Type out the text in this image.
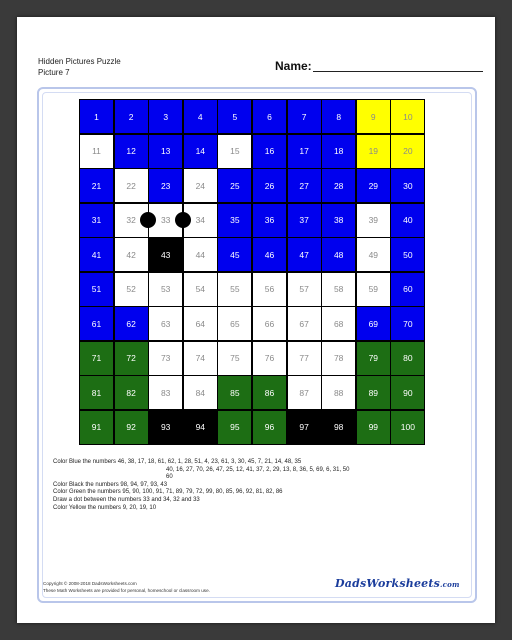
Hidden Pictures Puzzle
Picture 7	Name:
1	2	3	4	5	6	7	8	9	10
11	12	13	14	15	16	17	18	19	20
21	22	23	24	25	26	27	28	29	30
31	32	33	34	35	36	37	38	39	40
41	42	43	44	45	46	47	48	49	50
51	52	53	54	55	56	57	58	59	60
61	62	63	64	65	66	67	68	69	70
71	72	73	74	75	76	77	78	79	80
81	82	83	84	85	86	87	88	89	90
91	92	93	94	95	96	97	98	99	100
Color Blue the numbers 46, 38, 17, 18, 61, 62, 1, 28, 51, 4, 23, 61, 3, 30, 45, 7, 21, 14, 48, 35
40, 16, 27, 70, 26, 47, 25, 12, 41, 37, 2, 29, 13, 8, 36, 5, 69, 6, 31, 50
60
Color Black the numbers 98, 94, 97, 93, 43
Color Green the numbers 95, 90, 100, 91, 71, 89, 79, 72, 99, 80, 85, 96, 92, 81, 82, 86
Draw a dot between the numbers 33 and 34, 32 and 33
Color Yellow the numbers 9, 20, 19, 10
Copyright © 2008-2018 DadsWorksheets.com
These Math Worksheets are provided for personal, homeschool or classroom use.
DadsWorksheets.com
